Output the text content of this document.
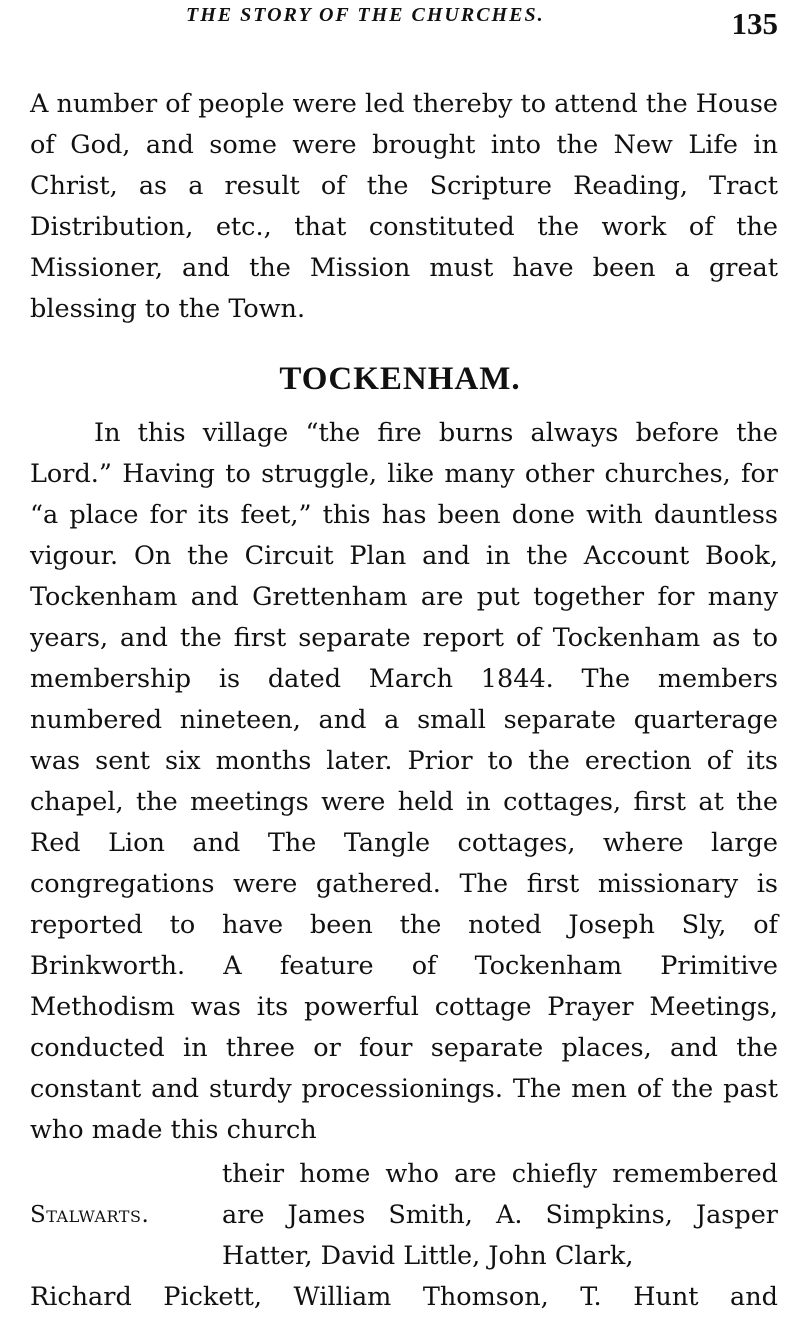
THE STORY OF THE CHURCHES.	135

A number of people were led thereby to attend the House of God, and some were brought into the New Life in Christ, as a result of the Scripture Reading, Tract Distribution, etc., that constituted the work of the Missioner, and the Mission must have been a great blessing to the Town.

TOCKENHAM.

In this village “the fire burns always before the Lord.” Having to struggle, like many other churches, for “a place for its feet,” this has been done with dauntless vigour. On the Circuit Plan and in the Account Book, Tockenham and Grettenham are put together for many years, and the first separate report of Tockenham as to membership is dated March 1844. The members numbered nineteen, and a small separate quarterage was sent six months later. Prior to the erection of its chapel, the meetings were held in cottages, first at the Red Lion and The Tangle cottages, where large congregations were gathered. The first missionary is reported to have been the noted Joseph Sly, of Brinkworth. A feature of Tockenham Primitive Methodism was its powerful cottage Prayer Meetings, conducted in three or four separate places, and the constant and sturdy processionings. The men of the past who made this church

Stalwarts.
their home who are chiefly remembered are James Smith, A. Simpkins, Jasper Hatter, David Little, John Clark,
Richard Pickett, William Thomson, T. Hunt and
